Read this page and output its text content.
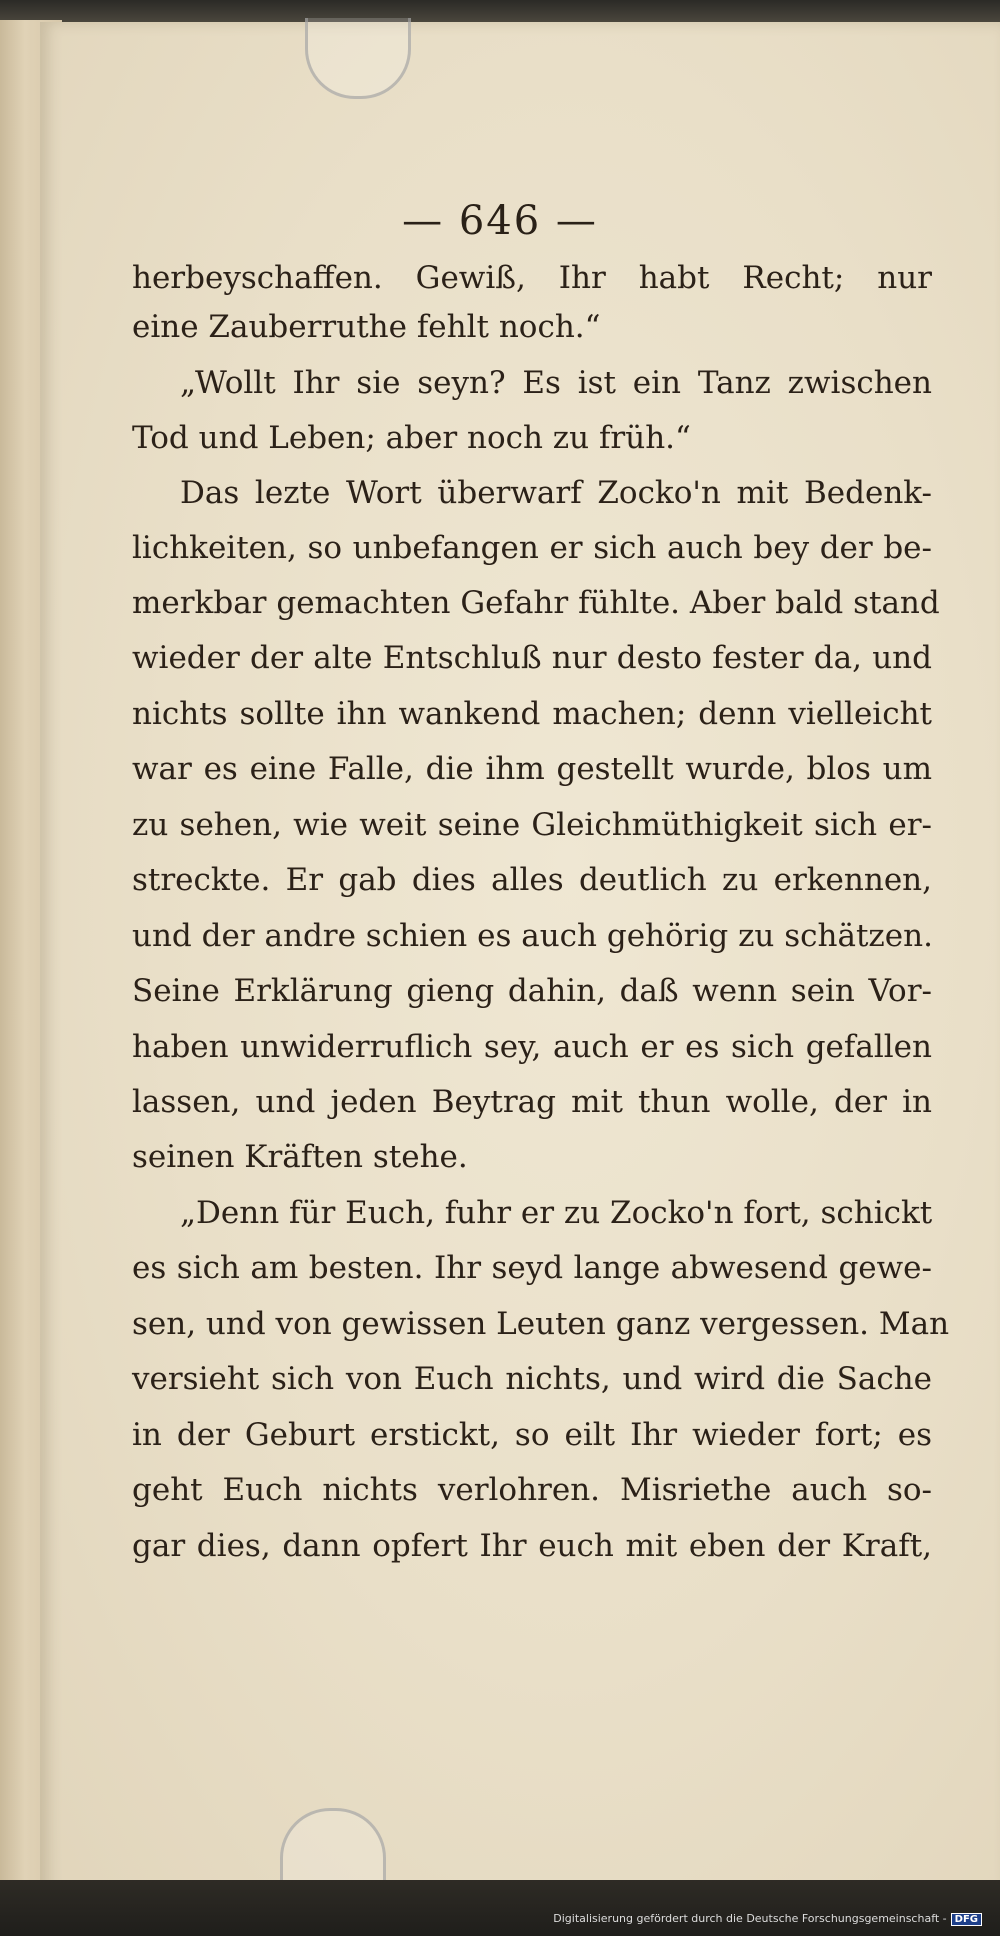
— 646 —
herbeyschaffen. Gewiß, Ihr habt Recht; nur
eine Zauberruthe fehlt noch.“
„Wollt Ihr sie seyn? Es ist ein Tanz zwischen
Tod und Leben; aber noch zu früh.“
Das lezte Wort überwarf Zocko'n mit Bedenk-
lichkeiten, so unbefangen er sich auch bey der be-
merkbar gemachten Gefahr fühlte. Aber bald stand
wieder der alte Entschluß nur desto fester da, und
nichts sollte ihn wankend machen; denn vielleicht
war es eine Falle, die ihm gestellt wurde, blos um
zu sehen, wie weit seine Gleichmüthigkeit sich er-
streckte. Er gab dies alles deutlich zu erkennen,
und der andre schien es auch gehörig zu schätzen.
Seine Erklärung gieng dahin, daß wenn sein Vor-
haben unwiderruflich sey, auch er es sich gefallen
lassen, und jeden Beytrag mit thun wolle, der in
seinen Kräften stehe.
„Denn für Euch, fuhr er zu Zocko'n fort, schickt
es sich am besten. Ihr seyd lange abwesend gewe-
sen, und von gewissen Leuten ganz vergessen. Man
versieht sich von Euch nichts, und wird die Sache
in der Geburt erstickt, so eilt Ihr wieder fort; es
geht Euch nichts verlohren. Misriethe auch so-
gar dies, dann opfert Ihr euch mit eben der Kraft,
Digitalisierung gefördert durch die Deutsche Forschungsgemeinschaft - DFG
